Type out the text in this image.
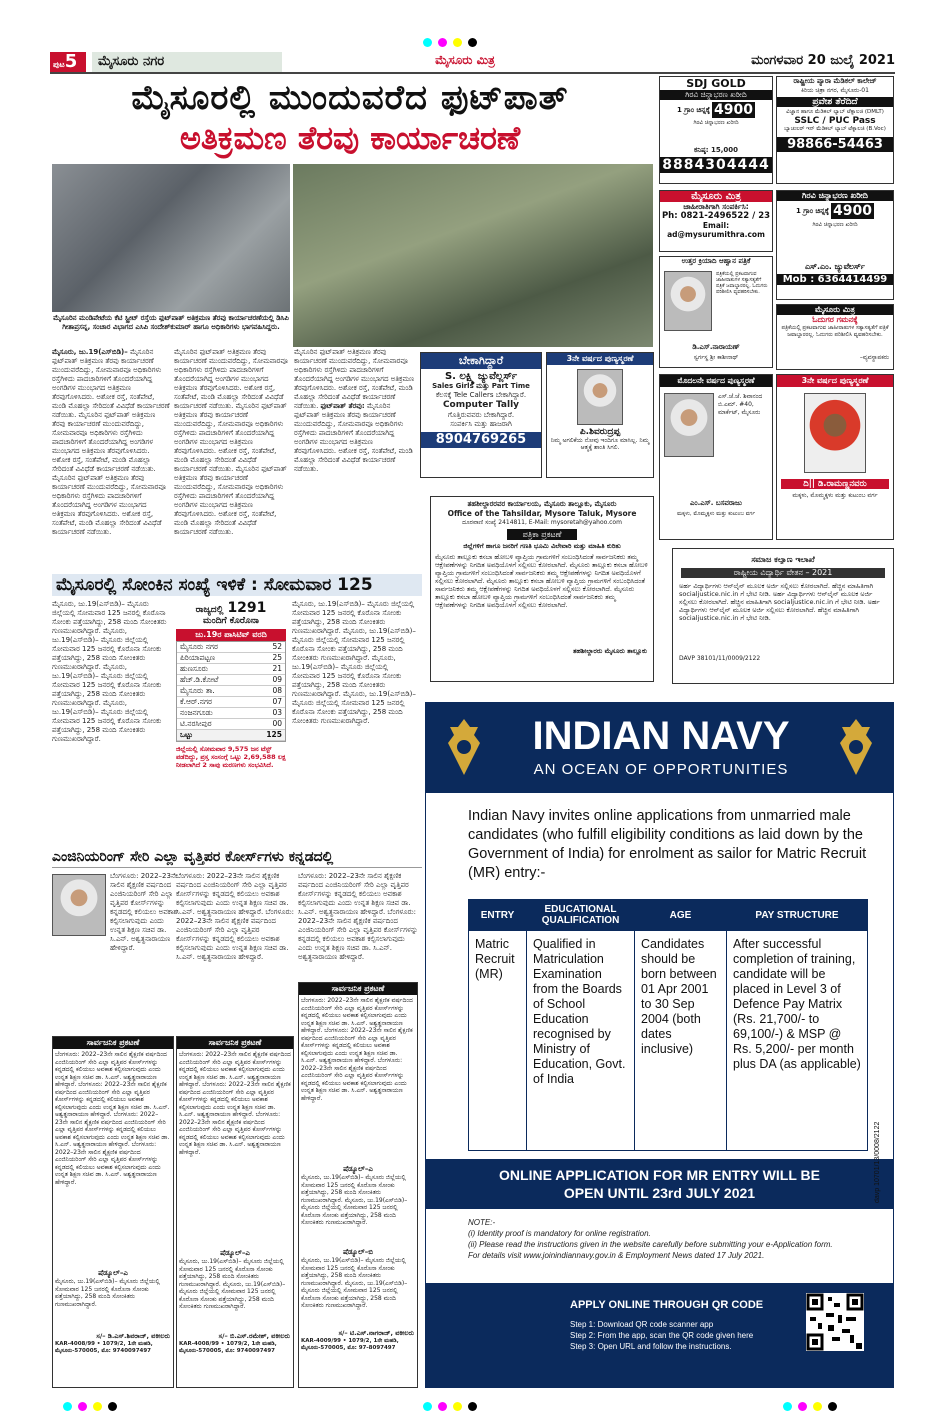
ಪುಟ5	ಮೈಸೂರು ನಗರ	ಮೈಸೂರು ಮಿತ್ರ	ಮಂಗಳವಾರ 20 ಜುಲೈ 2021
ಮೈಸೂರಲ್ಲಿ ಮುಂದುವರೆದ ಫುಟ್‌ಪಾತ್
ಅತಿಕ್ರಮಣ ತೆರವು ಕಾರ್ಯಾಚರಣೆ
ಮೈಸೂರಿನ ಮಂಡಿಪೇಟೆಯ ಕೆಟಿ ಸ್ಟ್ರೀಟ್ ರಸ್ತೆಯ ಫುಟ್‌ಪಾತ್ ಅತಿಕ್ರಮಣ ತೆರವು ಕಾರ್ಯಾಚರಣೆಯಲ್ಲಿ ಡಿಸಿಪಿ ಗೀತಾಪ್ರಸನ್ನ, ಸಂಚಾರ ವಿಭಾಗದ ಎಸಿಪಿ ಸಂದೇಶ್‌ಕುಮಾರ್ ಹಾಗೂ ಅಧಿಕಾರಿಗಳು ಭಾಗವಹಿಸಿದ್ದರು.
ಮೈಸೂರು, ಜು.19(ಎಸ್‌ಬಿಡಿ)– ಮೈಸೂರಿನ ಫುಟ್‌ಪಾತ್ ಅತಿಕ್ರಮಣ ತೆರವು ಕಾರ್ಯಾಚರಣೆ ಮುಂದುವರೆದಿದ್ದು, ಸೋಮವಾರವೂ ಅಧಿಕಾರಿಗಳು ರಸ್ತೆಗಿಳಿದು ಪಾದಚಾರಿಗಳಿಗೆ ತೊಂದರೆಯಾಗಿದ್ದ ಅಂಗಡಿಗಳ ಮುಂಭಾಗದ ಅತಿಕ್ರಮಣ ತೆರವುಗೊಳಿಸಿದರು. ಅಶೋಕ ರಸ್ತೆ, ಸಂತೆಪೇಟೆ, ಮಂಡಿ ಮೊಹಲ್ಲಾ ಸೇರಿದಂತೆ ವಿವಿಧೆಡೆ ಕಾರ್ಯಾಚರಣೆ ನಡೆಯಿತು. ಮೈಸೂರಿನ ಫುಟ್‌ಪಾತ್ ಅತಿಕ್ರಮಣ ತೆರವು ಕಾರ್ಯಾಚರಣೆ ಮುಂದುವರೆದಿದ್ದು, ಸೋಮವಾರವೂ ಅಧಿಕಾರಿಗಳು ರಸ್ತೆಗಿಳಿದು ಪಾದಚಾರಿಗಳಿಗೆ ತೊಂದರೆಯಾಗಿದ್ದ ಅಂಗಡಿಗಳ ಮುಂಭಾಗದ ಅತಿಕ್ರಮಣ ತೆರವುಗೊಳಿಸಿದರು. ಅಶೋಕ ರಸ್ತೆ, ಸಂತೆಪೇಟೆ, ಮಂಡಿ ಮೊಹಲ್ಲಾ ಸೇರಿದಂತೆ ವಿವಿಧೆಡೆ ಕಾರ್ಯಾಚರಣೆ ನಡೆಯಿತು. ಮೈಸೂರಿನ ಫುಟ್‌ಪಾತ್ ಅತಿಕ್ರಮಣ ತೆರವು ಕಾರ್ಯಾಚರಣೆ ಮುಂದುವರೆದಿದ್ದು, ಸೋಮವಾರವೂ ಅಧಿಕಾರಿಗಳು ರಸ್ತೆಗಿಳಿದು ಪಾದಚಾರಿಗಳಿಗೆ ತೊಂದರೆಯಾಗಿದ್ದ ಅಂಗಡಿಗಳ ಮುಂಭಾಗದ ಅತಿಕ್ರಮಣ ತೆರವುಗೊಳಿಸಿದರು. ಅಶೋಕ ರಸ್ತೆ, ಸಂತೆಪೇಟೆ, ಮಂಡಿ ಮೊಹಲ್ಲಾ ಸೇರಿದಂತೆ ವಿವಿಧೆಡೆ ಕಾರ್ಯಾಚರಣೆ ನಡೆಯಿತು.
ಮೈಸೂರಿನ ಫುಟ್‌ಪಾತ್ ಅತಿಕ್ರಮಣ ತೆರವು ಕಾರ್ಯಾಚರಣೆ ಮುಂದುವರೆದಿದ್ದು, ಸೋಮವಾರವೂ ಅಧಿಕಾರಿಗಳು ರಸ್ತೆಗಿಳಿದು ಪಾದಚಾರಿಗಳಿಗೆ ತೊಂದರೆಯಾಗಿದ್ದ ಅಂಗಡಿಗಳ ಮುಂಭಾಗದ ಅತಿಕ್ರಮಣ ತೆರವುಗೊಳಿಸಿದರು. ಅಶೋಕ ರಸ್ತೆ, ಸಂತೆಪೇಟೆ, ಮಂಡಿ ಮೊಹಲ್ಲಾ ಸೇರಿದಂತೆ ವಿವಿಧೆಡೆ ಕಾರ್ಯಾಚರಣೆ ನಡೆಯಿತು. ಮೈಸೂರಿನ ಫುಟ್‌ಪಾತ್ ಅತಿಕ್ರಮಣ ತೆರವು ಕಾರ್ಯಾಚರಣೆ ಮುಂದುವರೆದಿದ್ದು, ಸೋಮವಾರವೂ ಅಧಿಕಾರಿಗಳು ರಸ್ತೆಗಿಳಿದು ಪಾದಚಾರಿಗಳಿಗೆ ತೊಂದರೆಯಾಗಿದ್ದ ಅಂಗಡಿಗಳ ಮುಂಭಾಗದ ಅತಿಕ್ರಮಣ ತೆರವುಗೊಳಿಸಿದರು. ಅಶೋಕ ರಸ್ತೆ, ಸಂತೆಪೇಟೆ, ಮಂಡಿ ಮೊಹಲ್ಲಾ ಸೇರಿದಂತೆ ವಿವಿಧೆಡೆ ಕಾರ್ಯಾಚರಣೆ ನಡೆಯಿತು. ಮೈಸೂರಿನ ಫುಟ್‌ಪಾತ್ ಅತಿಕ್ರಮಣ ತೆರವು ಕಾರ್ಯಾಚರಣೆ ಮುಂದುವರೆದಿದ್ದು, ಸೋಮವಾರವೂ ಅಧಿಕಾರಿಗಳು ರಸ್ತೆಗಿಳಿದು ಪಾದಚಾರಿಗಳಿಗೆ ತೊಂದರೆಯಾಗಿದ್ದ ಅಂಗಡಿಗಳ ಮುಂಭಾಗದ ಅತಿಕ್ರಮಣ ತೆರವುಗೊಳಿಸಿದರು. ಅಶೋಕ ರಸ್ತೆ, ಸಂತೆಪೇಟೆ, ಮಂಡಿ ಮೊಹಲ್ಲಾ ಸೇರಿದಂತೆ ವಿವಿಧೆಡೆ ಕಾರ್ಯಾಚರಣೆ ನಡೆಯಿತು.
ಮೈಸೂರಿನ ಫುಟ್‌ಪಾತ್ ಅತಿಕ್ರಮಣ ತೆರವು ಕಾರ್ಯಾಚರಣೆ ಮುಂದುವರೆದಿದ್ದು, ಸೋಮವಾರವೂ ಅಧಿಕಾರಿಗಳು ರಸ್ತೆಗಿಳಿದು ಪಾದಚಾರಿಗಳಿಗೆ ತೊಂದರೆಯಾಗಿದ್ದ ಅಂಗಡಿಗಳ ಮುಂಭಾಗದ ಅತಿಕ್ರಮಣ ತೆರವುಗೊಳಿಸಿದರು. ಅಶೋಕ ರಸ್ತೆ, ಸಂತೆಪೇಟೆ, ಮಂಡಿ ಮೊಹಲ್ಲಾ ಸೇರಿದಂತೆ ವಿವಿಧೆಡೆ ಕಾರ್ಯಾಚರಣೆ ನಡೆಯಿತು. ಫುಟ್‌ಪಾತ್ ತೆರವು: ಮೈಸೂರಿನ ಫುಟ್‌ಪಾತ್ ಅತಿಕ್ರಮಣ ತೆರವು ಕಾರ್ಯಾಚರಣೆ ಮುಂದುವರೆದಿದ್ದು, ಸೋಮವಾರವೂ ಅಧಿಕಾರಿಗಳು ರಸ್ತೆಗಿಳಿದು ಪಾದಚಾರಿಗಳಿಗೆ ತೊಂದರೆಯಾಗಿದ್ದ ಅಂಗಡಿಗಳ ಮುಂಭಾಗದ ಅತಿಕ್ರಮಣ ತೆರವುಗೊಳಿಸಿದರು. ಅಶೋಕ ರಸ್ತೆ, ಸಂತೆಪೇಟೆ, ಮಂಡಿ ಮೊಹಲ್ಲಾ ಸೇರಿದಂತೆ ವಿವಿಧೆಡೆ ಕಾರ್ಯಾಚರಣೆ ನಡೆಯಿತು.
ಬೇಕಾಗಿದ್ದಾರೆ
S. ಲಕ್ಷ್ಮಿ ಜ್ಯುವೆಲ್ಲರ್ಸ್
Sales Girls ಮತ್ತು Part Time
ಕೆಲಸಕ್ಕೆ Tele Callers ಬೇಕಾಗಿದ್ದಾರೆ.
Computer Tally
ಗೊತ್ತಿರುವವರು ಬೇಕಾಗಿದ್ದಾರೆ.
ಸಂಪರ್ಕಿಸಿ ಮತ್ತು ಹಾಜರಾಗಿ
8904769265
3ನೇ ವರ್ಷದ ಪುಣ್ಯಸ್ಮರಣೆ
ಪಿ.ಶಿವರುದ್ರಪ್ಪ
ನಿಮ್ಮ ಅಗಲಿಕೆಯ ನೋವು ಇಂದಿಗೂ ಮಾಸಿಲ್ಲ. ನಿಮ್ಮ ಆತ್ಮಕ್ಕೆ ಶಾಂತಿ ಸಿಗಲಿ.
ತಹಶೀಲ್ದಾರರವರ ಕಾರ್ಯಾಲಯ, ಮೈಸೂರು ತಾಲ್ಲೂಕು, ಮೈಸೂರು
Office of the Tahsildar, Mysore Taluk, Mysore
ದೂರವಾಣಿ ಸಂಖ್ಯೆ 2414811, E-Mail: mysoretah@yahoo.com
ಪತ್ರಿಕಾ ಪ್ರಕಟಣೆ
ಜಿಲ್ಲೆಗಳಿಗೆ ಹಾಗೂ ಜನರಿಗೆ ಗಣತಿ ಭೂಮಿ ವಿಲೇವಾರಿ ಮತ್ತು ಮಾಹಿತಿ ಕುರಿತು
ಮೈಸೂರು ತಾಲ್ಲೂಕು ಕಸಬಾ ಹೋಬಳಿ ವ್ಯಾಪ್ತಿಯ ಗ್ರಾಮಗಳಿಗೆ ಸಂಬಂಧಿಸಿದಂತೆ ಸಾರ್ವಜನಿಕರು ತಮ್ಮ ಆಕ್ಷೇಪಣೆಗಳನ್ನು ನಿಗದಿತ ಅವಧಿಯೊಳಗೆ ಸಲ್ಲಿಸಲು ಕೋರಲಾಗಿದೆ. ಮೈಸೂರು ತಾಲ್ಲೂಕು ಕಸಬಾ ಹೋಬಳಿ ವ್ಯಾಪ್ತಿಯ ಗ್ರಾಮಗಳಿಗೆ ಸಂಬಂಧಿಸಿದಂತೆ ಸಾರ್ವಜನಿಕರು ತಮ್ಮ ಆಕ್ಷೇಪಣೆಗಳನ್ನು ನಿಗದಿತ ಅವಧಿಯೊಳಗೆ ಸಲ್ಲಿಸಲು ಕೋರಲಾಗಿದೆ. ಮೈಸೂರು ತಾಲ್ಲೂಕು ಕಸಬಾ ಹೋಬಳಿ ವ್ಯಾಪ್ತಿಯ ಗ್ರಾಮಗಳಿಗೆ ಸಂಬಂಧಿಸಿದಂತೆ ಸಾರ್ವಜನಿಕರು ತಮ್ಮ ಆಕ್ಷೇಪಣೆಗಳನ್ನು ನಿಗದಿತ ಅವಧಿಯೊಳಗೆ ಸಲ್ಲಿಸಲು ಕೋರಲಾಗಿದೆ. ಮೈಸೂರು ತಾಲ್ಲೂಕು ಕಸಬಾ ಹೋಬಳಿ ವ್ಯಾಪ್ತಿಯ ಗ್ರಾಮಗಳಿಗೆ ಸಂಬಂಧಿಸಿದಂತೆ ಸಾರ್ವಜನಿಕರು ತಮ್ಮ ಆಕ್ಷೇಪಣೆಗಳನ್ನು ನಿಗದಿತ ಅವಧಿಯೊಳಗೆ ಸಲ್ಲಿಸಲು ಕೋರಲಾಗಿದೆ.
ತಹಶೀಲ್ದಾರರು ಮೈಸೂರು ತಾಲ್ಲೂಕು
SDJ GOLD
ಗಿರವಿ ಚಿನ್ನಾಭರಣ ಖರೀದಿ
1 ಗ್ರಾಂ ಚಿನ್ನಕ್ಕೆ 4900
ಗಿರವಿ ಚಿನ್ನಾಭರಣ ಖರೀದಿ
ಕನಿಷ್ಠ: 15,000
8884304444
ರಾಷ್ಟ್ರೀಯ ಪ್ಯಾರಾ ಮೆಡಿಕಲ್ ಕಾಲೇಜ್
ಕಿರಿಯ ಚಿತ್ರಾ ನಗರ, ಮೈಸೂರು-01
ಪ್ರವೇಶ ತೆರೆದಿದೆ
ವಿಜ್ಞಾನ ಹಾಗೂ ಮೆಡಿಕಲ್ ಲ್ಯಾಬ್ ಟೆಕ್ನಾಲಜಿ (DMLT)
SSLC / PUC Pass
ಬ್ಯಾಚುಲರ್ ಇನ್ ಮೆಡಿಕಲ್ ಲ್ಯಾಬ್ ಟೆಕ್ನಾಲಜಿ (B.Voc)
98866-54463
ಮೈಸೂರು ಮಿತ್ರ
ಜಾಹೀರಾತಿಗಾಗಿ ಸಂಪರ್ಕಿಸಿ:
Ph: 0821-2496522 / 23
Email: ad@mysurumithra.com
ಗಿರವಿ ಚಿನ್ನಾಭರಣ ಖರೀದಿ
1 ಗ್ರಾಂ ಚಿನ್ನಕ್ಕೆ 4900
ಗಿರವಿ ಚಿನ್ನಾಭರಣ ಖರೀದಿ
ಎಸ್.ಎಂ. ಜ್ಯುವೆಲರ್ಸ್
Mob : 6364414499
ಉತ್ತರ ಕ್ರಿಯಾದಿ ಆಹ್ವಾನ ಪತ್ರಿಕೆ
ಪತ್ರಿಕೆಯಲ್ಲಿ ಪ್ರಕಟವಾಗುವ ಜಾಹೀರಾತುಗಳ ಸತ್ಯಾಸತ್ಯತೆಗೆ ಪತ್ರಿಕೆ ಜವಾಬ್ದಾರರಲ್ಲ. ಓದುಗರು ಪರಿಶೀಲಿಸಿ ವ್ಯವಹರಿಸಬೇಕು.
ಡಿ.ಎಸ್.ನಾರಾಯಣ್
ಸ್ವರ್ಗಸ್ಥ ಶ್ರೀ ಕಾಶೀನಾಥ್
ಮೈಸೂರು ಮಿತ್ರ
ಓದುಗರ ಗಮನಕ್ಕೆ
ಪತ್ರಿಕೆಯಲ್ಲಿ ಪ್ರಕಟವಾಗುವ ಜಾಹೀರಾತುಗಳ ಸತ್ಯಾಸತ್ಯತೆಗೆ ಪತ್ರಿಕೆ ಜವಾಬ್ದಾರರಲ್ಲ. ಓದುಗರು ಪರಿಶೀಲಿಸಿ ವ್ಯವಹರಿಸಬೇಕು.
–ವ್ಯವಸ್ಥಾಪಕರು
ಮೊದಲನೇ ವರ್ಷದ ಪುಣ್ಯಸ್ಮರಣೆ
ಎಸ್.ಜೆ.ಜೆ. ಶಿವಾನಂದ ಬಿ.ಎಮ್. #40, ಮಾರ್ಕೆಟ್, ಮೈಸೂರು
ಎಂ.ಎಸ್. ಬಸವರಾಜು
ಮಕ್ಕಳು, ಮೊಮ್ಮಕ್ಕಳು ಮತ್ತು ಕುಟುಂಬ ವರ್ಗ
3ನೇ ವರ್ಷದ ಪುಣ್ಯಸ್ಮರಣೆ
ದಿ|| ಡಿ.ರಾಮಣ್ಣನವರು
ಮಕ್ಕಳು, ಮೊಮ್ಮಕ್ಕಳು ಮತ್ತು ಕುಟುಂಬ ವರ್ಗ
ಸಮಾಜ ಕಲ್ಯಾಣ ಇಲಾಖೆ
ರಾಷ್ಟ್ರೀಯ ವಿದ್ಯಾರ್ಥಿ ವೇತನ – 2021
ಅರ್ಹ ವಿದ್ಯಾರ್ಥಿಗಳು ಆನ್‌ಲೈನ್ ಮೂಲಕ ಅರ್ಜಿ ಸಲ್ಲಿಸಲು ಕೋರಲಾಗಿದೆ. ಹೆಚ್ಚಿನ ಮಾಹಿತಿಗಾಗಿ socialjustice.nic.in ಗೆ ಭೇಟಿ ನೀಡಿ. ಅರ್ಹ ವಿದ್ಯಾರ್ಥಿಗಳು ಆನ್‌ಲೈನ್ ಮೂಲಕ ಅರ್ಜಿ ಸಲ್ಲಿಸಲು ಕೋರಲಾಗಿದೆ. ಹೆಚ್ಚಿನ ಮಾಹಿತಿಗಾಗಿ socialjustice.nic.in ಗೆ ಭೇಟಿ ನೀಡಿ. ಅರ್ಹ ವಿದ್ಯಾರ್ಥಿಗಳು ಆನ್‌ಲೈನ್ ಮೂಲಕ ಅರ್ಜಿ ಸಲ್ಲಿಸಲು ಕೋರಲಾಗಿದೆ. ಹೆಚ್ಚಿನ ಮಾಹಿತಿಗಾಗಿ socialjustice.nic.in ಗೆ ಭೇಟಿ ನೀಡಿ.
DAVP 38101/11/0009/2122
ಮೈಸೂರಲ್ಲಿ ಸೋಂಕಿನ ಸಂಖ್ಯೆ ಇಳಿಕೆ : ಸೋಮವಾರ 125
ಮೈಸೂರು, ಜು.19(ಎಸ್‌ಬಿಡಿ)– ಮೈಸೂರು ಜಿಲ್ಲೆಯಲ್ಲಿ ಸೋಮವಾರ 125 ಜನರಲ್ಲಿ ಕೊರೊನಾ ಸೋಂಕು ಪತ್ತೆಯಾಗಿದ್ದು, 258 ಮಂದಿ ಸೋಂಕಿತರು ಗುಣಮುಖರಾಗಿದ್ದಾರೆ. ಮೈಸೂರು, ಜು.19(ಎಸ್‌ಬಿಡಿ)– ಮೈಸೂರು ಜಿಲ್ಲೆಯಲ್ಲಿ ಸೋಮವಾರ 125 ಜನರಲ್ಲಿ ಕೊರೊನಾ ಸೋಂಕು ಪತ್ತೆಯಾಗಿದ್ದು, 258 ಮಂದಿ ಸೋಂಕಿತರು ಗುಣಮುಖರಾಗಿದ್ದಾರೆ. ಮೈಸೂರು, ಜು.19(ಎಸ್‌ಬಿಡಿ)– ಮೈಸೂರು ಜಿಲ್ಲೆಯಲ್ಲಿ ಸೋಮವಾರ 125 ಜನರಲ್ಲಿ ಕೊರೊನಾ ಸೋಂಕು ಪತ್ತೆಯಾಗಿದ್ದು, 258 ಮಂದಿ ಸೋಂಕಿತರು ಗುಣಮುಖರಾಗಿದ್ದಾರೆ. ಮೈಸೂರು, ಜು.19(ಎಸ್‌ಬಿಡಿ)– ಮೈಸೂರು ಜಿಲ್ಲೆಯಲ್ಲಿ ಸೋಮವಾರ 125 ಜನರಲ್ಲಿ ಕೊರೊನಾ ಸೋಂಕು ಪತ್ತೆಯಾಗಿದ್ದು, 258 ಮಂದಿ ಸೋಂಕಿತರು ಗುಣಮುಖರಾಗಿದ್ದಾರೆ.
ರಾಜ್ಯದಲ್ಲಿ 1291
ಮಂದಿಗೆ ಕೊರೊನಾ
ಜು.19ರ ಪಾಸಿಟಿವ್ ವರದಿ
ಮೈಸೂರು ನಗರ	52
ಪಿರಿಯಾಪಟ್ಟಣ	25
ಹುಣಸೂರು	21
ಹೆಚ್.ಡಿ.ಕೋಟೆ	09
ಮೈಸೂರು ತಾ.	08
ಕೆ.ಆರ್.ನಗರ	07
ನಂಜನಗೂಡು	03
ಟಿ.ನರಸೀಪುರ	00
ಒಟ್ಟು	125
ಜಿಲ್ಲೆಯಲ್ಲಿ ಸೋಮವಾರ 9,575 ಜನ ಟೆಸ್ಟ್ ಪಡೆದಿದ್ದು, ಪ್ರಸ್ತ ಸಂಸಂಗ್ಗೆ ಒಟ್ಟು 2,69,588 ಲಕ್ಷ ನೀಡಲಾಗಿದೆ 2 ಸಾವು ಮರಣಗಳು ಸಂಭವಿಸಿದೆ.
ಮೈಸೂರು, ಜು.19(ಎಸ್‌ಬಿಡಿ)– ಮೈಸೂರು ಜಿಲ್ಲೆಯಲ್ಲಿ ಸೋಮವಾರ 125 ಜನರಲ್ಲಿ ಕೊರೊನಾ ಸೋಂಕು ಪತ್ತೆಯಾಗಿದ್ದು, 258 ಮಂದಿ ಸೋಂಕಿತರು ಗುಣಮುಖರಾಗಿದ್ದಾರೆ. ಮೈಸೂರು, ಜು.19(ಎಸ್‌ಬಿಡಿ)– ಮೈಸೂರು ಜಿಲ್ಲೆಯಲ್ಲಿ ಸೋಮವಾರ 125 ಜನರಲ್ಲಿ ಕೊರೊನಾ ಸೋಂಕು ಪತ್ತೆಯಾಗಿದ್ದು, 258 ಮಂದಿ ಸೋಂಕಿತರು ಗುಣಮುಖರಾಗಿದ್ದಾರೆ. ಮೈಸೂರು, ಜು.19(ಎಸ್‌ಬಿಡಿ)– ಮೈಸೂರು ಜಿಲ್ಲೆಯಲ್ಲಿ ಸೋಮವಾರ 125 ಜನರಲ್ಲಿ ಕೊರೊನಾ ಸೋಂಕು ಪತ್ತೆಯಾಗಿದ್ದು, 258 ಮಂದಿ ಸೋಂಕಿತರು ಗುಣಮುಖರಾಗಿದ್ದಾರೆ. ಮೈಸೂರು, ಜು.19(ಎಸ್‌ಬಿಡಿ)– ಮೈಸೂರು ಜಿಲ್ಲೆಯಲ್ಲಿ ಸೋಮವಾರ 125 ಜನರಲ್ಲಿ ಕೊರೊನಾ ಸೋಂಕು ಪತ್ತೆಯಾಗಿದ್ದು, 258 ಮಂದಿ ಸೋಂಕಿತರು ಗುಣಮುಖರಾಗಿದ್ದಾರೆ.
ಎಂಜಿನಿಯರಿಂಗ್ ಸೇರಿ ಎಲ್ಲಾ ವೃತ್ತಿಪರ ಕೋರ್ಸ್‌ಗಳು ಕನ್ನಡದಲ್ಲಿ
ಬೆಂಗಳೂರು: 2022–23ನೇ ಸಾಲಿನ ಶೈಕ್ಷಣಿಕ ವರ್ಷದಿಂದ ಎಂಜಿನಿಯರಿಂಗ್ ಸೇರಿ ಎಲ್ಲಾ ವೃತ್ತಿಪರ ಕೋರ್ಸ್‌ಗಳನ್ನು ಕನ್ನಡದಲ್ಲಿ ಕಲಿಯಲು ಅವಕಾಶ ಕಲ್ಪಿಸಲಾಗುವುದು ಎಂದು ಉನ್ನತ ಶಿಕ್ಷಣ ಸಚಿವ ಡಾ. ಸಿ.ಎನ್. ಅಶ್ವತ್ಥನಾರಾಯಣ ಹೇಳಿದ್ದಾರೆ.
ಬೆಂಗಳೂರು: 2022–23ನೇ ಸಾಲಿನ ಶೈಕ್ಷಣಿಕ ವರ್ಷದಿಂದ ಎಂಜಿನಿಯರಿಂಗ್ ಸೇರಿ ಎಲ್ಲಾ ವೃತ್ತಿಪರ ಕೋರ್ಸ್‌ಗಳನ್ನು ಕನ್ನಡದಲ್ಲಿ ಕಲಿಯಲು ಅವಕಾಶ ಕಲ್ಪಿಸಲಾಗುವುದು ಎಂದು ಉನ್ನತ ಶಿಕ್ಷಣ ಸಚಿವ ಡಾ. ಸಿ.ಎನ್. ಅಶ್ವತ್ಥನಾರಾಯಣ ಹೇಳಿದ್ದಾರೆ. ಬೆಂಗಳೂರು: 2022–23ನೇ ಸಾಲಿನ ಶೈಕ್ಷಣಿಕ ವರ್ಷದಿಂದ ಎಂಜಿನಿಯರಿಂಗ್ ಸೇರಿ ಎಲ್ಲಾ ವೃತ್ತಿಪರ ಕೋರ್ಸ್‌ಗಳನ್ನು ಕನ್ನಡದಲ್ಲಿ ಕಲಿಯಲು ಅವಕಾಶ ಕಲ್ಪಿಸಲಾಗುವುದು ಎಂದು ಉನ್ನತ ಶಿಕ್ಷಣ ಸಚಿವ ಡಾ. ಸಿ.ಎನ್. ಅಶ್ವತ್ಥನಾರಾಯಣ ಹೇಳಿದ್ದಾರೆ.
ಬೆಂಗಳೂರು: 2022–23ನೇ ಸಾಲಿನ ಶೈಕ್ಷಣಿಕ ವರ್ಷದಿಂದ ಎಂಜಿನಿಯರಿಂಗ್ ಸೇರಿ ಎಲ್ಲಾ ವೃತ್ತಿಪರ ಕೋರ್ಸ್‌ಗಳನ್ನು ಕನ್ನಡದಲ್ಲಿ ಕಲಿಯಲು ಅವಕಾಶ ಕಲ್ಪಿಸಲಾಗುವುದು ಎಂದು ಉನ್ನತ ಶಿಕ್ಷಣ ಸಚಿವ ಡಾ. ಸಿ.ಎನ್. ಅಶ್ವತ್ಥನಾರಾಯಣ ಹೇಳಿದ್ದಾರೆ. ಬೆಂಗಳೂರು: 2022–23ನೇ ಸಾಲಿನ ಶೈಕ್ಷಣಿಕ ವರ್ಷದಿಂದ ಎಂಜಿನಿಯರಿಂಗ್ ಸೇರಿ ಎಲ್ಲಾ ವೃತ್ತಿಪರ ಕೋರ್ಸ್‌ಗಳನ್ನು ಕನ್ನಡದಲ್ಲಿ ಕಲಿಯಲು ಅವಕಾಶ ಕಲ್ಪಿಸಲಾಗುವುದು ಎಂದು ಉನ್ನತ ಶಿಕ್ಷಣ ಸಚಿವ ಡಾ. ಸಿ.ಎನ್. ಅಶ್ವತ್ಥನಾರಾಯಣ ಹೇಳಿದ್ದಾರೆ.
ಸಾರ್ವಜನಿಕ ಪ್ರಕಟಣೆ
ಬೆಂಗಳೂರು: 2022–23ನೇ ಸಾಲಿನ ಶೈಕ್ಷಣಿಕ ವರ್ಷದಿಂದ ಎಂಜಿನಿಯರಿಂಗ್ ಸೇರಿ ಎಲ್ಲಾ ವೃತ್ತಿಪರ ಕೋರ್ಸ್‌ಗಳನ್ನು ಕನ್ನಡದಲ್ಲಿ ಕಲಿಯಲು ಅವಕಾಶ ಕಲ್ಪಿಸಲಾಗುವುದು ಎಂದು ಉನ್ನತ ಶಿಕ್ಷಣ ಸಚಿವ ಡಾ. ಸಿ.ಎನ್. ಅಶ್ವತ್ಥನಾರಾಯಣ ಹೇಳಿದ್ದಾರೆ. ಬೆಂಗಳೂರು: 2022–23ನೇ ಸಾಲಿನ ಶೈಕ್ಷಣಿಕ ವರ್ಷದಿಂದ ಎಂಜಿನಿಯರಿಂಗ್ ಸೇರಿ ಎಲ್ಲಾ ವೃತ್ತಿಪರ ಕೋರ್ಸ್‌ಗಳನ್ನು ಕನ್ನಡದಲ್ಲಿ ಕಲಿಯಲು ಅವಕಾಶ ಕಲ್ಪಿಸಲಾಗುವುದು ಎಂದು ಉನ್ನತ ಶಿಕ್ಷಣ ಸಚಿವ ಡಾ. ಸಿ.ಎನ್. ಅಶ್ವತ್ಥನಾರಾಯಣ ಹೇಳಿದ್ದಾರೆ. ಬೆಂಗಳೂರು: 2022–23ನೇ ಸಾಲಿನ ಶೈಕ್ಷಣಿಕ ವರ್ಷದಿಂದ ಎಂಜಿನಿಯರಿಂಗ್ ಸೇರಿ ಎಲ್ಲಾ ವೃತ್ತಿಪರ ಕೋರ್ಸ್‌ಗಳನ್ನು ಕನ್ನಡದಲ್ಲಿ ಕಲಿಯಲು ಅವಕಾಶ ಕಲ್ಪಿಸಲಾಗುವುದು ಎಂದು ಉನ್ನತ ಶಿಕ್ಷಣ ಸಚಿವ ಡಾ. ಸಿ.ಎನ್. ಅಶ್ವತ್ಥನಾರಾಯಣ ಹೇಳಿದ್ದಾರೆ. ಬೆಂಗಳೂರು: 2022–23ನೇ ಸಾಲಿನ ಶೈಕ್ಷಣಿಕ ವರ್ಷದಿಂದ ಎಂಜಿನಿಯರಿಂಗ್ ಸೇರಿ ಎಲ್ಲಾ ವೃತ್ತಿಪರ ಕೋರ್ಸ್‌ಗಳನ್ನು ಕನ್ನಡದಲ್ಲಿ ಕಲಿಯಲು ಅವಕಾಶ ಕಲ್ಪಿಸಲಾಗುವುದು ಎಂದು ಉನ್ನತ ಶಿಕ್ಷಣ ಸಚಿವ ಡಾ. ಸಿ.ಎನ್. ಅಶ್ವತ್ಥನಾರಾಯಣ ಹೇಳಿದ್ದಾರೆ.
ಷೆಡ್ಯೂಲ್–ಎ
ಮೈಸೂರು, ಜು.19(ಎಸ್‌ಬಿಡಿ)– ಮೈಸೂರು ಜಿಲ್ಲೆಯಲ್ಲಿ ಸೋಮವಾರ 125 ಜನರಲ್ಲಿ ಕೊರೊನಾ ಸೋಂಕು ಪತ್ತೆಯಾಗಿದ್ದು, 258 ಮಂದಿ ಸೋಂಕಿತರು ಗುಣಮುಖರಾಗಿದ್ದಾರೆ.
ಸ/– ಡಿ.ಎಸ್.ಶಿವರಾಜ್, ವಕೀಲರು
KAR-4008/99 • 1079/2, 1ನೇ ಮಹಡಿ, ಮೈಸೂರು-570005, ಮೊ: 9740097497
ಸಾರ್ವಜನಿಕ ಪ್ರಕಟಣೆ
ಬೆಂಗಳೂರು: 2022–23ನೇ ಸಾಲಿನ ಶೈಕ್ಷಣಿಕ ವರ್ಷದಿಂದ ಎಂಜಿನಿಯರಿಂಗ್ ಸೇರಿ ಎಲ್ಲಾ ವೃತ್ತಿಪರ ಕೋರ್ಸ್‌ಗಳನ್ನು ಕನ್ನಡದಲ್ಲಿ ಕಲಿಯಲು ಅವಕಾಶ ಕಲ್ಪಿಸಲಾಗುವುದು ಎಂದು ಉನ್ನತ ಶಿಕ್ಷಣ ಸಚಿವ ಡಾ. ಸಿ.ಎನ್. ಅಶ್ವತ್ಥನಾರಾಯಣ ಹೇಳಿದ್ದಾರೆ. ಬೆಂಗಳೂರು: 2022–23ನೇ ಸಾಲಿನ ಶೈಕ್ಷಣಿಕ ವರ್ಷದಿಂದ ಎಂಜಿನಿಯರಿಂಗ್ ಸೇರಿ ಎಲ್ಲಾ ವೃತ್ತಿಪರ ಕೋರ್ಸ್‌ಗಳನ್ನು ಕನ್ನಡದಲ್ಲಿ ಕಲಿಯಲು ಅವಕಾಶ ಕಲ್ಪಿಸಲಾಗುವುದು ಎಂದು ಉನ್ನತ ಶಿಕ್ಷಣ ಸಚಿವ ಡಾ. ಸಿ.ಎನ್. ಅಶ್ವತ್ಥನಾರಾಯಣ ಹೇಳಿದ್ದಾರೆ. ಬೆಂಗಳೂರು: 2022–23ನೇ ಸಾಲಿನ ಶೈಕ್ಷಣಿಕ ವರ್ಷದಿಂದ ಎಂಜಿನಿಯರಿಂಗ್ ಸೇರಿ ಎಲ್ಲಾ ವೃತ್ತಿಪರ ಕೋರ್ಸ್‌ಗಳನ್ನು ಕನ್ನಡದಲ್ಲಿ ಕಲಿಯಲು ಅವಕಾಶ ಕಲ್ಪಿಸಲಾಗುವುದು ಎಂದು ಉನ್ನತ ಶಿಕ್ಷಣ ಸಚಿವ ಡಾ. ಸಿ.ಎನ್. ಅಶ್ವತ್ಥನಾರಾಯಣ ಹೇಳಿದ್ದಾರೆ.
ಷೆಡ್ಯೂಲ್–ಎ
ಮೈಸೂರು, ಜು.19(ಎಸ್‌ಬಿಡಿ)– ಮೈಸೂರು ಜಿಲ್ಲೆಯಲ್ಲಿ ಸೋಮವಾರ 125 ಜನರಲ್ಲಿ ಕೊರೊನಾ ಸೋಂಕು ಪತ್ತೆಯಾಗಿದ್ದು, 258 ಮಂದಿ ಸೋಂಕಿತರು ಗುಣಮುಖರಾಗಿದ್ದಾರೆ. ಮೈಸೂರು, ಜು.19(ಎಸ್‌ಬಿಡಿ)– ಮೈಸೂರು ಜಿಲ್ಲೆಯಲ್ಲಿ ಸೋಮವಾರ 125 ಜನರಲ್ಲಿ ಕೊರೊನಾ ಸೋಂಕು ಪತ್ತೆಯಾಗಿದ್ದು, 258 ಮಂದಿ ಸೋಂಕಿತರು ಗುಣಮುಖರಾಗಿದ್ದಾರೆ.
ಸ/– ಬಿ.ಎಸ್.ರಮೇಶ್, ವಕೀಲರು
KAR-4008/99 • 1079/2, 1ನೇ ಮಹಡಿ, ಮೈಸೂರು-570005, ಮೊ: 9740097497
ಸಾರ್ವಜನಿಕ ಪ್ರಕಟಣೆ
ಬೆಂಗಳೂರು: 2022–23ನೇ ಸಾಲಿನ ಶೈಕ್ಷಣಿಕ ವರ್ಷದಿಂದ ಎಂಜಿನಿಯರಿಂಗ್ ಸೇರಿ ಎಲ್ಲಾ ವೃತ್ತಿಪರ ಕೋರ್ಸ್‌ಗಳನ್ನು ಕನ್ನಡದಲ್ಲಿ ಕಲಿಯಲು ಅವಕಾಶ ಕಲ್ಪಿಸಲಾಗುವುದು ಎಂದು ಉನ್ನತ ಶಿಕ್ಷಣ ಸಚಿವ ಡಾ. ಸಿ.ಎನ್. ಅಶ್ವತ್ಥನಾರಾಯಣ ಹೇಳಿದ್ದಾರೆ. ಬೆಂಗಳೂರು: 2022–23ನೇ ಸಾಲಿನ ಶೈಕ್ಷಣಿಕ ವರ್ಷದಿಂದ ಎಂಜಿನಿಯರಿಂಗ್ ಸೇರಿ ಎಲ್ಲಾ ವೃತ್ತಿಪರ ಕೋರ್ಸ್‌ಗಳನ್ನು ಕನ್ನಡದಲ್ಲಿ ಕಲಿಯಲು ಅವಕಾಶ ಕಲ್ಪಿಸಲಾಗುವುದು ಎಂದು ಉನ್ನತ ಶಿಕ್ಷಣ ಸಚಿವ ಡಾ. ಸಿ.ಎನ್. ಅಶ್ವತ್ಥನಾರಾಯಣ ಹೇಳಿದ್ದಾರೆ. ಬೆಂಗಳೂರು: 2022–23ನೇ ಸಾಲಿನ ಶೈಕ್ಷಣಿಕ ವರ್ಷದಿಂದ ಎಂಜಿನಿಯರಿಂಗ್ ಸೇರಿ ಎಲ್ಲಾ ವೃತ್ತಿಪರ ಕೋರ್ಸ್‌ಗಳನ್ನು ಕನ್ನಡದಲ್ಲಿ ಕಲಿಯಲು ಅವಕಾಶ ಕಲ್ಪಿಸಲಾಗುವುದು ಎಂದು ಉನ್ನತ ಶಿಕ್ಷಣ ಸಚಿವ ಡಾ. ಸಿ.ಎನ್. ಅಶ್ವತ್ಥನಾರಾಯಣ ಹೇಳಿದ್ದಾರೆ.
ಷೆಡ್ಯೂಲ್–ಎ
ಮೈಸೂರು, ಜು.19(ಎಸ್‌ಬಿಡಿ)– ಮೈಸೂರು ಜಿಲ್ಲೆಯಲ್ಲಿ ಸೋಮವಾರ 125 ಜನರಲ್ಲಿ ಕೊರೊನಾ ಸೋಂಕು ಪತ್ತೆಯಾಗಿದ್ದು, 258 ಮಂದಿ ಸೋಂಕಿತರು ಗುಣಮುಖರಾಗಿದ್ದಾರೆ. ಮೈಸೂರು, ಜು.19(ಎಸ್‌ಬಿಡಿ)– ಮೈಸೂರು ಜಿಲ್ಲೆಯಲ್ಲಿ ಸೋಮವಾರ 125 ಜನರಲ್ಲಿ ಕೊರೊನಾ ಸೋಂಕು ಪತ್ತೆಯಾಗಿದ್ದು, 258 ಮಂದಿ ಸೋಂಕಿತರು ಗುಣಮುಖರಾಗಿದ್ದಾರೆ.
ಷೆಡ್ಯೂಲ್–ಬಿ
ಮೈಸೂರು, ಜು.19(ಎಸ್‌ಬಿಡಿ)– ಮೈಸೂರು ಜಿಲ್ಲೆಯಲ್ಲಿ ಸೋಮವಾರ 125 ಜನರಲ್ಲಿ ಕೊರೊನಾ ಸೋಂಕು ಪತ್ತೆಯಾಗಿದ್ದು, 258 ಮಂದಿ ಸೋಂಕಿತರು ಗುಣಮುಖರಾಗಿದ್ದಾರೆ. ಮೈಸೂರು, ಜು.19(ಎಸ್‌ಬಿಡಿ)– ಮೈಸೂರು ಜಿಲ್ಲೆಯಲ್ಲಿ ಸೋಮವಾರ 125 ಜನರಲ್ಲಿ ಕೊರೊನಾ ಸೋಂಕು ಪತ್ತೆಯಾಗಿದ್ದು, 258 ಮಂದಿ ಸೋಂಕಿತರು ಗುಣಮುಖರಾಗಿದ್ದಾರೆ.
ಸ/– ಟಿ.ಎಸ್.ನಾಗರಾಜ್, ವಕೀಲರು
KAR-4009/99 • 1079/2, 1ನೇ ಮಹಡಿ, ಮೈಸೂರು-570005, ಮೊ: 97-8097497
INDIAN NAVY
AN OCEAN OF OPPORTUNITIES
Indian Navy invites online applications from unmarried male candidates (who fulfill eligibility conditions as laid down by the Government of India) for enrolment as sailor for Matric Recruit (MR) entry:-
ENTRY	EDUCATIONAL QUALIFICATION	AGE	PAY STRUCTURE
Matric Recruit (MR)	Qualified in Matriculation Examination from the Boards of School Education recognised by Ministry of Education, Govt. of India	Candidates should be born between 01 Apr 2001 to 30 Sep 2004 (both dates inclusive)	After successful completion of training, candidate will be placed in Level 3 of Defence Pay Matrix (Rs. 21,700/- to 69,100/-) & MSP @ Rs. 5,200/- per month plus DA (as applicable)
ONLINE APPLICATION FOR MR ENTRY WILL BE
OPEN UNTIL 23rd JULY 2021
NOTE:-
(i) Identity proof is mandatory for online registration.
(ii) Please read the instructions given in the website carefully before submitting your e-Application form.
For details visit www.joinindiannavy.gov.in & Employment News dated 17 July 2021.
APPLY ONLINE THROUGH QR CODE
Step 1: Download QR code scanner app
Step 2: From the app, scan the QR code given here
Step 3: Open URL and follow the instructions.
davp 10701/13/0008/2122
